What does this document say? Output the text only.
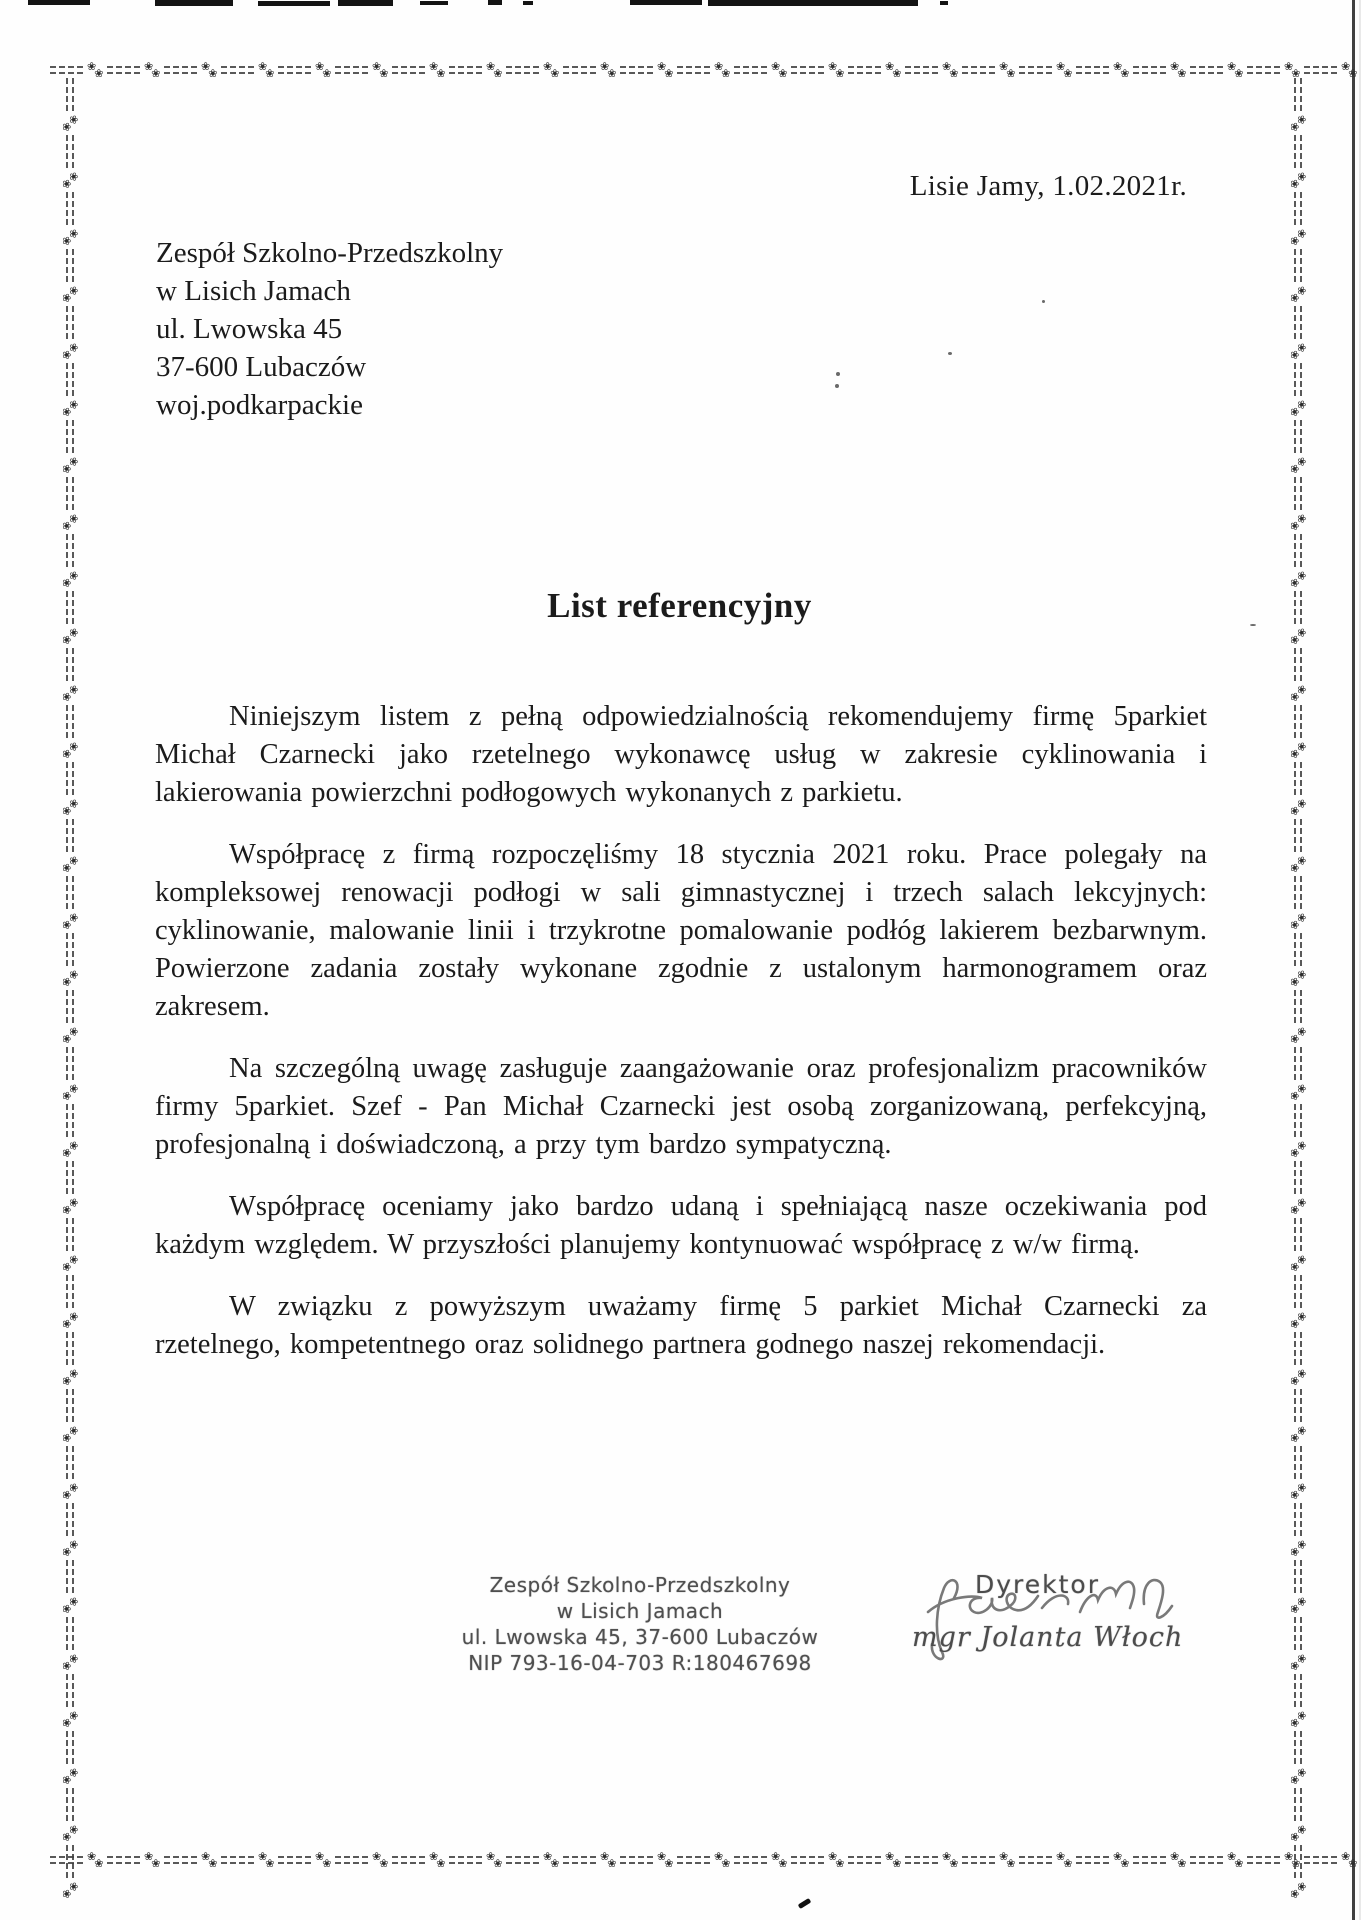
❀
❀
❀
❀
❀
❀
❀
❀
❀
❀
❀
❀
❀
❀
❀
❀
❀
❀
❀
❀
❀
❀
❀
❀
❀
❀
❀
❀
❀
❀
❀
❀
❀
❀
❀
❀
❀
❀
❀
❀
❀
❀
❀
❀
❀
❀
❀
❀
❀
❀
❀
❀
❀
❀
❀
❀
❀
❀
❀
❀
❀
❀
❀
❀
❀
❀
❀
❀
❀
❀
❀
❀
❀
❀
❀
❀
❀
❀
❀
❀
❀
❀
❀
❀
❀
❀
❀
❀
❀
❀
❀
❀
❀
❀
❀
❀
❀
❀
❀
❀
❀
❀
❀
❀
❀
❀
❀
❀
❀
❀
❀
❀
❀
❀
❀
❀
❀
❀
❀
❀
❀
❀
❀
❀
❀
❀
❀
❀
❀
❀
❀
❀
❀
❀
❀
❀
❀
❀
❀
❀
❀
❀
❀
❀
❀
❀
❀
❀
❀
❀
❀
❀
❀
❀
❀
❀
❀
❀
❀
❀
❀
❀
❀
❀
❀
❀
❀
❀
❀
❀
❀
❀
❀
❀
❀
❀
❀
❀
❀
❀
❀
❀
❀
❀
❀
❀
❀
❀
❀
❀
❀
❀
❀
❀
❀
❀
❀
❀
❀
❀
❀
❀
❀
❀
❀
❀
❀
❀
❀
❀
❀
❀
❀
❀
❀
❀
❀
❀
❀
❀
Lisie Jamy, 1.02.2021r.
Zespół Szkolno-Przedszkolny
w Lisich Jamach
ul. Lwowska 45
37-600 Lubaczów
woj.podkarpackie
List referencyjny

Niniejszym listem z pełną odpowiedzialnością rekomendujemy firmę 5parkiet Michał Czarnecki jako rzetelnego wykonawcę usług w zakresie cyklinowania i lakierowania powierzchni podłogowych wykonanych z parkietu.

Współpracę z firmą rozpoczęliśmy 18 stycznia 2021 roku. Prace polegały na kompleksowej renowacji podłogi w sali gimnastycznej i trzech salach lekcyjnych: cyklinowanie, malowanie linii i trzykrotne pomalowanie podłóg lakierem bezbarwnym. Powierzone zadania zostały wykonane zgodnie z ustalonym harmonogramem oraz zakresem.

Na szczególną uwagę zasługuje zaangażowanie oraz profesjonalizm pracowników firmy 5parkiet. Szef - Pan Michał Czarnecki jest osobą zorganizowaną, perfekcyjną, profesjonalną i doświadczoną, a przy tym bardzo sympatyczną.

Współpracę oceniamy jako bardzo udaną i spełniającą nasze oczekiwania pod każdym względem. W przyszłości planujemy kontynuować współpracę z w/w firmą.

W związku z powyższym uważamy firmę 5 parkiet Michał Czarnecki za rzetelnego, kompetentnego oraz solidnego partnera godnego naszej rekomendacji.

Zespół Szkolno-Przedszkolny
w Lisich Jamach
ul. Lwowska 45, 37-600 Lubaczów
NIP 793-16-04-703 R:180467698
Dyrektor
mgr Jolanta Włoch
